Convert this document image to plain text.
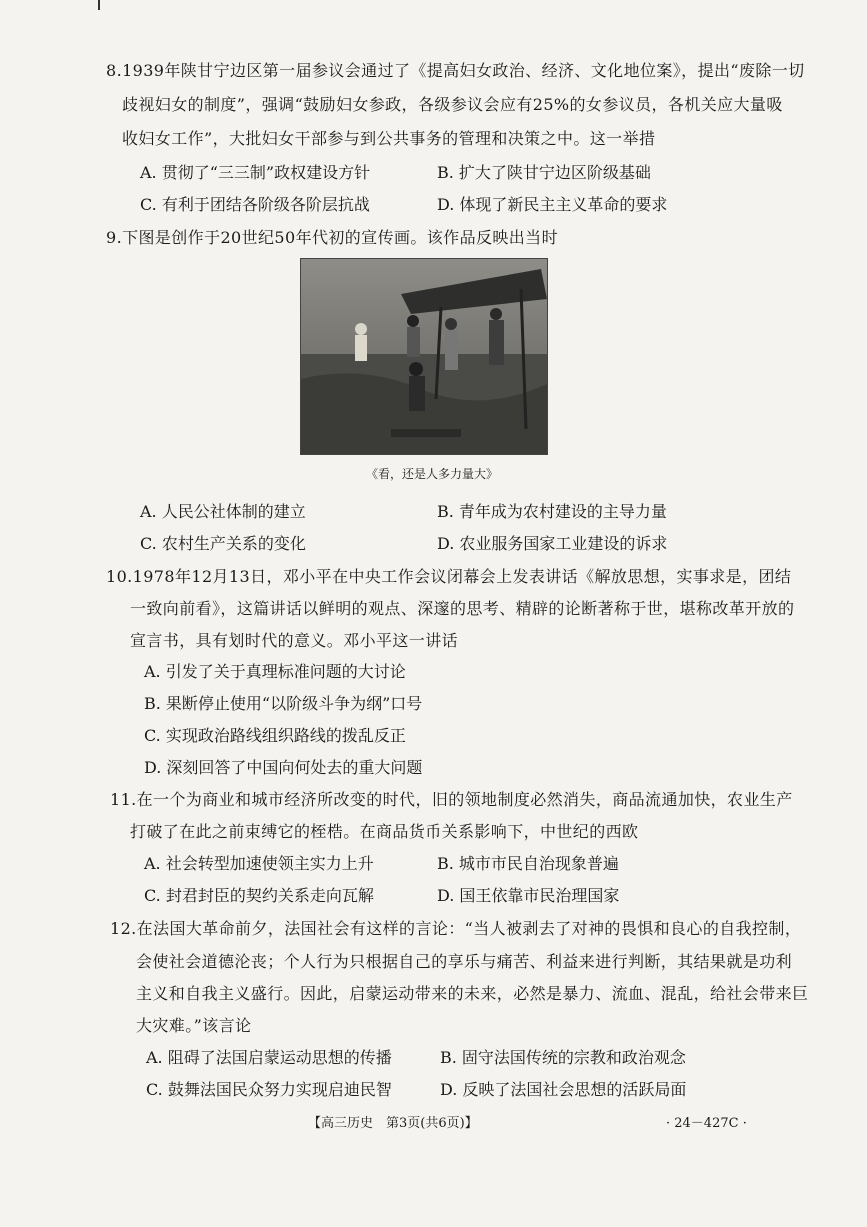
8.1939年陕甘宁边区第一届参议会通过了《提高妇女政治、经济、文化地位案》，提出“废除一切
歧视妇女的制度”，强调“鼓励妇女参政，各级参议会应有25%的女参议员，各机关应大量吸
收妇女工作”，大批妇女干部参与到公共事务的管理和决策之中。这一举措
A. 贯彻了“三三制”政权建设方针	B. 扩大了陕甘宁边区阶级基础
C. 有利于团结各阶级各阶层抗战	D. 体现了新民主主义革命的要求
9.下图是创作于20世纪50年代初的宣传画。该作品反映出当时
《看，还是人多力量大》
A. 人民公社体制的建立	B. 青年成为农村建设的主导力量
C. 农村生产关系的变化	D. 农业服务国家工业建设的诉求
10.1978年12月13日，邓小平在中央工作会议闭幕会上发表讲话《解放思想，实事求是，团结
一致向前看》，这篇讲话以鲜明的观点、深邃的思考、精辟的论断著称于世，堪称改革开放的
宣言书，具有划时代的意义。邓小平这一讲话
A. 引发了关于真理标准问题的大讨论
B. 果断停止使用“以阶级斗争为纲”口号
C. 实现政治路线组织路线的拨乱反正
D. 深刻回答了中国向何处去的重大问题
11.在一个为商业和城市经济所改变的时代，旧的领地制度必然消失，商品流通加快，农业生产
打破了在此之前束缚它的桎梏。在商品货币关系影响下，中世纪的西欧
A. 社会转型加速使领主实力上升	B. 城市市民自治现象普遍
C. 封君封臣的契约关系走向瓦解	D. 国王依靠市民治理国家
12.在法国大革命前夕，法国社会有这样的言论：“当人被剥去了对神的畏惧和良心的自我控制，
会使社会道德沦丧；个人行为只根据自己的享乐与痛苦、利益来进行判断，其结果就是功利
主义和自我主义盛行。因此，启蒙运动带来的未来，必然是暴力、流血、混乱，给社会带来巨
大灾难。”该言论
A. 阻碍了法国启蒙运动思想的传播	B. 固守法国传统的宗教和政治观念
C. 鼓舞法国民众努力实现启迪民智	D. 反映了法国社会思想的活跃局面
【高三历史　第3页(共6页)】	· 24－427C ·
